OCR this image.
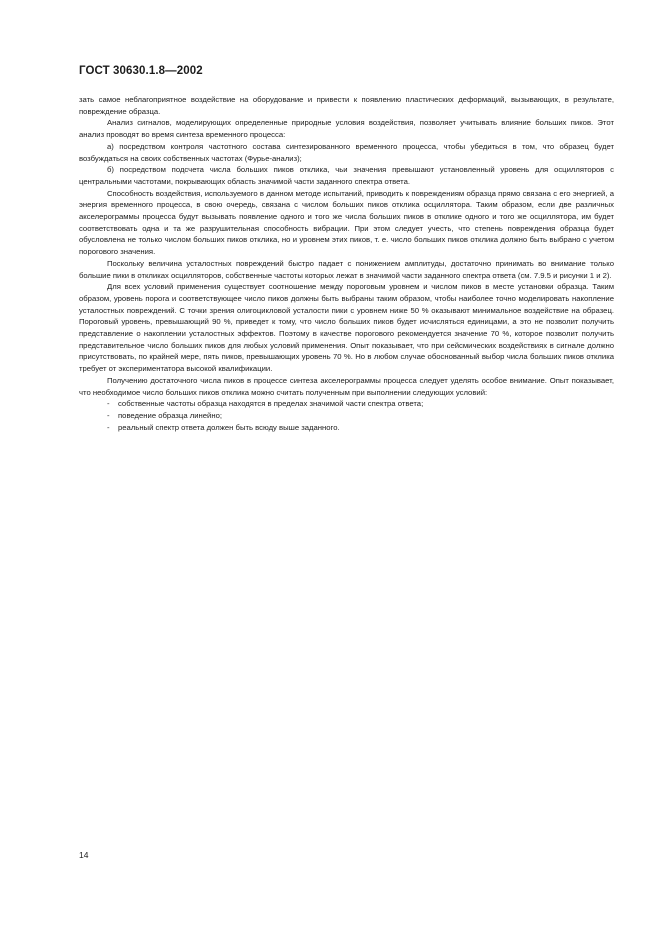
ГОСТ 30630.1.8—2002

зать самое неблагоприятное воздействие на оборудование и привести к появлению пластических деформаций, вызывающих, в результате, повреждение образца.

Анализ сигналов, моделирующих определенные природные условия воздействия, позволяет учитывать влияние больших пиков. Этот анализ проводят во время синтеза временного процесса:

а) посредством контроля частотного состава синтезированного временного процесса, чтобы убедиться в том, что образец будет возбуждаться на своих собственных частотах (Фурье-анализ);

б) посредством подсчета числа больших пиков отклика, чьи значения превышают установленный уровень для осцилляторов с центральными частотами, покрывающих область значимой части заданного спектра ответа.

Способность воздействия, используемого в данном методе испытаний, приводить к повреждениям образца прямо связана с его энергией, а энергия временного процесса, в свою очередь, связана с числом больших пиков отклика осциллятора. Таким образом, если две различных акселерограммы процесса будут вызывать появление одного и того же числа больших пиков в отклике одного и того же осциллятора, им будет соответствовать одна и та же разрушительная способность вибрации. При этом следует учесть, что степень повреждения образца будет обусловлена не только числом больших пиков отклика, но и уровнем этих пиков, т. е. число больших пиков отклика должно быть выбрано с учетом порогового значения.

Поскольку величина усталостных повреждений быстро падает с понижением амплитуды, достаточно принимать во внимание только большие пики в откликах осцилляторов, собственные частоты которых лежат в значимой части заданного спектра ответа (см. 7.9.5 и рисунки 1 и 2).

Для всех условий применения существует соотношение между пороговым уровнем и числом пиков в месте установки образца. Таким образом, уровень порога и соответствующее число пиков должны быть выбраны таким образом, чтобы наиболее точно моделировать накопление усталостных повреждений. С точки зрения олигоцикловой усталости пики с уровнем ниже 50 % оказывают минимальное воздействие на образец. Пороговый уровень, превышающий 90 %, приведет к тому, что число больших пиков будет исчисляться единицами, а это не позволит получить представление о накоплении усталостных эффектов. Поэтому в качестве порогового рекомендуется значение 70 %, которое позволит получить представительное число больших пиков для любых условий применения. Опыт показывает, что при сейсмических воздействиях в сигнале должно присутствовать, по крайней мере, пять пиков, превышающих уровень 70 %. Но в любом случае обоснованный выбор числа больших пиков отклика требует от экспериментатора высокой квалификации.

Получению достаточного числа пиков в процессе синтеза акселерограммы процесса следует уделять особое внимание. Опыт показывает, что необходимое число больших пиков отклика можно считать полученным при выполнении следующих условий:

- собственные частоты образца находятся в пределах значимой части спектра ответа;
- поведение образца линейно;
- реальный спектр ответа должен быть всюду выше заданного.
14
